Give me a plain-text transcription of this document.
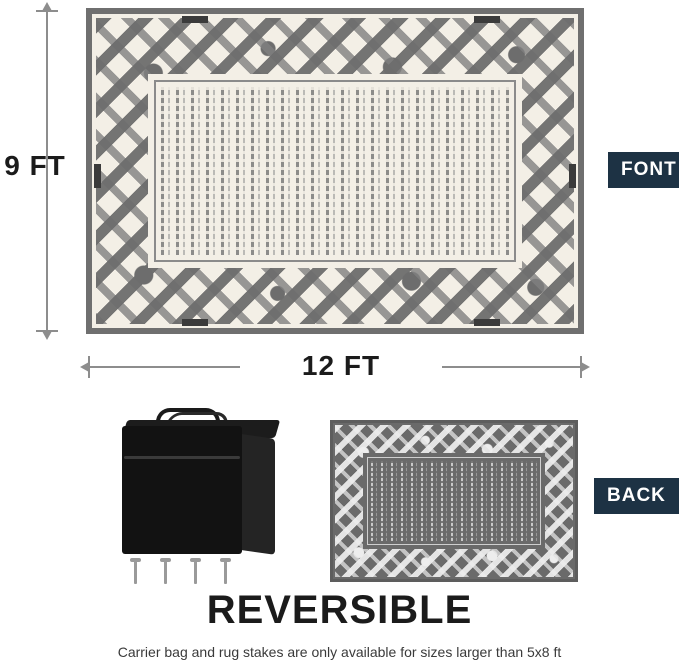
9 FT
12 FT
FONT
BACK
REVERSIBLE
Carrier bag and rug stakes are only available for sizes larger than 5x8 ft
